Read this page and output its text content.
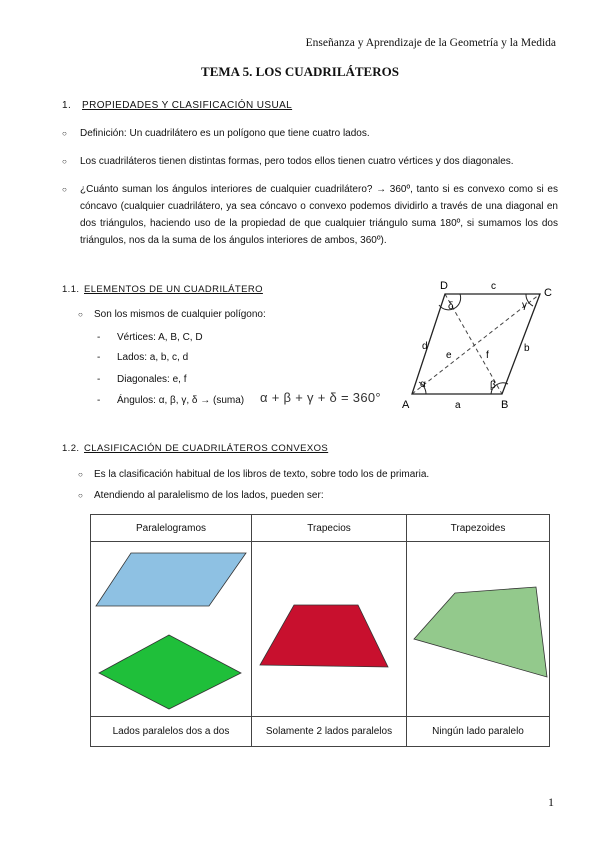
Enseñanza y Aprendizaje de la Geometría y la Medida
TEMA 5. LOS CUADRILÁTEROS
1. PROPIEDADES Y CLASIFICACIÓN USUAL
○ Definición: Un cuadrilátero es un polígono que tiene cuatro lados.
○ Los cuadriláteros tienen distintas formas, pero todos ellos tienen cuatro vértices y dos diagonales.
○ ¿Cuánto suman los ángulos interiores de cualquier cuadrilátero? → 360º, tanto si es convexo como si es cóncavo (cualquier cuadrilátero, ya sea cóncavo o convexo podemos dividirlo a través de una diagonal en dos triángulos, haciendo uso de la propiedad de que cualquier triángulo suma 180º, si sumamos los dos triángulos, nos da la suma de los ángulos interiores de ambos, 360º).
1.1. ELEMENTOS DE UN CUADRILÁTERO
○ Son los mismos de cualquier polígono:
- Vértices: A, B, C, D
- Lados: a, b, c, d
- Diagonales: e, f
- Ángulos: α, β, γ, δ → (suma) α + β + γ + δ = 360° A	B
C
D
a
b
c
d
e	f
α	β
γ
δ
1.2. CLASIFICACIÓN DE CUADRILÁTEROS CONVEXOS
○ Es la clasificación habitual de los libros de texto, sobre todo los de primaria.
○ Atendiendo al paralelismo de los lados, pueden ser:
Paralelogramos	Trapecios	Trapezoides

Lados paralelos dos a dos	Solamente 2 lados paralelos	Ningún lado paralelo
1
